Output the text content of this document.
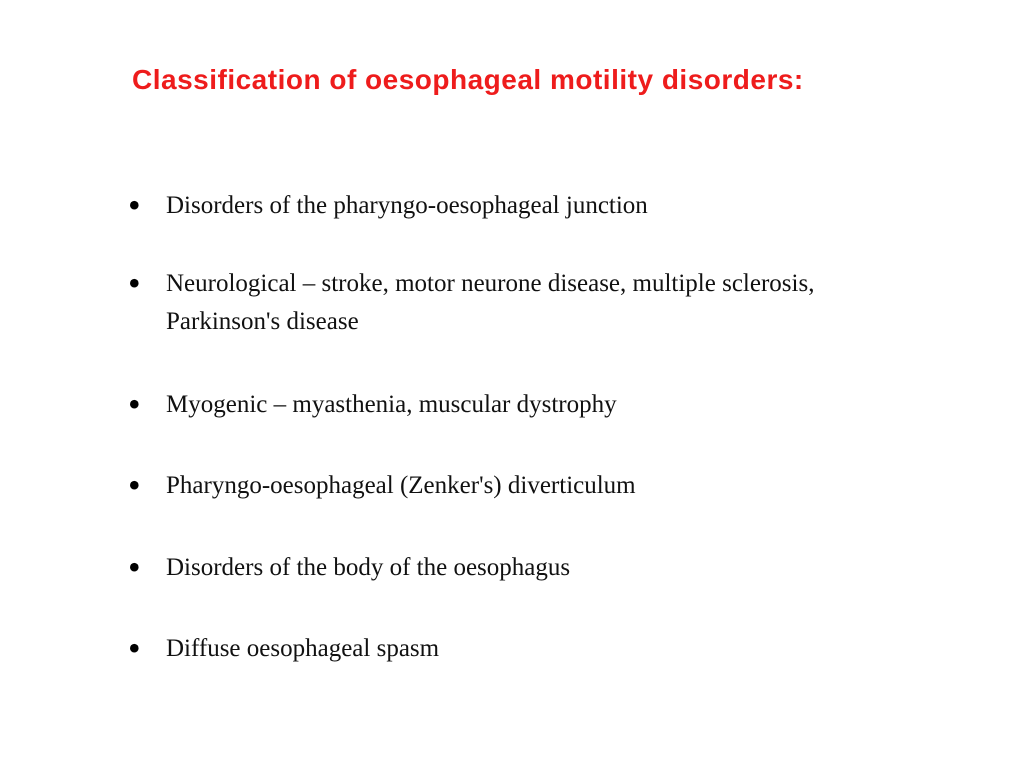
Classification of oesophageal motility disorders:
• Disorders of the pharyngo-oesophageal junction
• Neurological – stroke, motor neurone disease, multiple sclerosis, Parkinson's disease
• Myogenic – myasthenia, muscular dystrophy
• Pharyngo-oesophageal (Zenker's) diverticulum
• Disorders of the body of the oesophagus
• Diffuse oesophageal spasm
